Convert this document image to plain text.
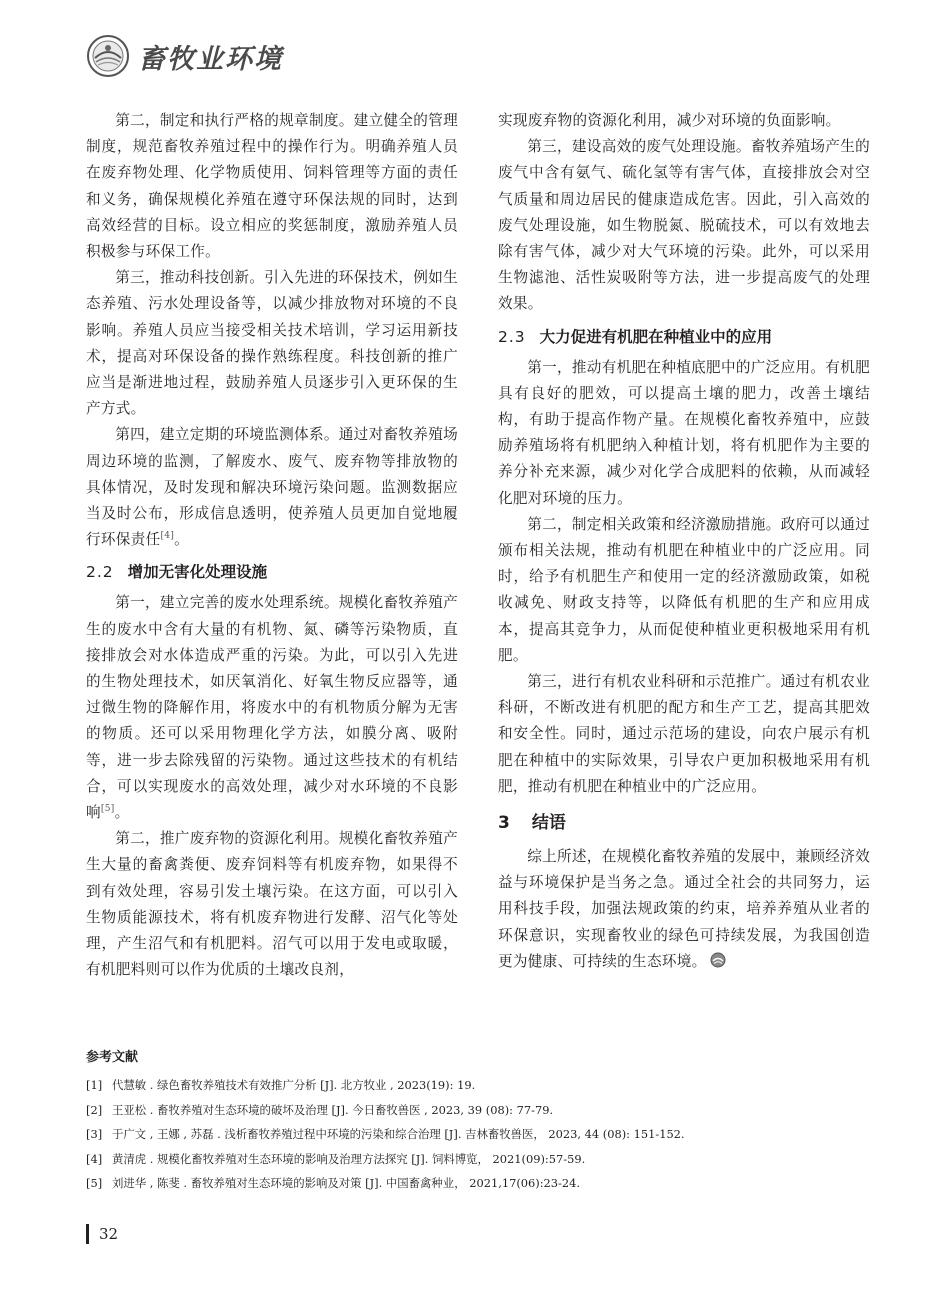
畜牧业环境

第二，制定和执行严格的规章制度。建立健全的管理制度，规范畜牧养殖过程中的操作行为。明确养殖人员在废弃物处理、化学物质使用、饲料管理等方面的责任和义务，确保规模化养殖在遵守环保法规的同时，达到高效经营的目标。设立相应的奖惩制度，激励养殖人员积极参与环保工作。

第三，推动科技创新。引入先进的环保技术，例如生态养殖、污水处理设备等，以减少排放物对环境的不良影响。养殖人员应当接受相关技术培训，学习运用新技术，提高对环保设备的操作熟练程度。科技创新的推广应当是渐进地过程，鼓励养殖人员逐步引入更环保的生产方式。

第四，建立定期的环境监测体系。通过对畜牧养殖场周边环境的监测，了解废水、废气、废弃物等排放物的具体情况，及时发现和解决环境污染问题。监测数据应当及时公布，形成信息透明，使养殖人员更加自觉地履行环保责任[4]。

2.2 增加无害化处理设施

第一，建立完善的废水处理系统。规模化畜牧养殖产生的废水中含有大量的有机物、氮、磷等污染物质，直接排放会对水体造成严重的污染。为此，可以引入先进的生物处理技术，如厌氧消化、好氧生物反应器等，通过微生物的降解作用，将废水中的有机物质分解为无害的物质。还可以采用物理化学方法，如膜分离、吸附等，进一步去除残留的污染物。通过这些技术的有机结合，可以实现废水的高效处理，减少对水环境的不良影响[5]。

第二，推广废弃物的资源化利用。规模化畜牧养殖产生大量的畜禽粪便、废弃饲料等有机废弃物，如果得不到有效处理，容易引发土壤污染。在这方面，可以引入生物质能源技术，将有机废弃物进行发酵、沼气化等处理，产生沼气和有机肥料。沼气可以用于发电或取暖，有机肥料则可以作为优质的土壤改良剂，

实现废弃物的资源化利用，减少对环境的负面影响。

第三，建设高效的废气处理设施。畜牧养殖场产生的废气中含有氨气、硫化氢等有害气体，直接排放会对空气质量和周边居民的健康造成危害。因此，引入高效的废气处理设施，如生物脱氮、脱硫技术，可以有效地去除有害气体，减少对大气环境的污染。此外，可以采用生物滤池、活性炭吸附等方法，进一步提高废气的处理效果。

2.3 大力促进有机肥在种植业中的应用

第一，推动有机肥在种植底肥中的广泛应用。有机肥具有良好的肥效，可以提高土壤的肥力，改善土壤结构，有助于提高作物产量。在规模化畜牧养殖中，应鼓励养殖场将有机肥纳入种植计划，将有机肥作为主要的养分补充来源，减少对化学合成肥料的依赖，从而减轻化肥对环境的压力。

第二，制定相关政策和经济激励措施。政府可以通过颁布相关法规，推动有机肥在种植业中的广泛应用。同时，给予有机肥生产和使用一定的经济激励政策，如税收减免、财政支持等，以降低有机肥的生产和应用成本，提高其竞争力，从而促使种植业更积极地采用有机肥。

第三，进行有机农业科研和示范推广。通过有机农业科研，不断改进有机肥的配方和生产工艺，提高其肥效和安全性。同时，通过示范场的建设，向农户展示有机肥在种植中的实际效果，引导农户更加积极地采用有机肥，推动有机肥在种植业中的广泛应用。

3 结语

综上所述，在规模化畜牧养殖的发展中，兼顾经济效益与环境保护是当务之急。通过全社会的共同努力，运用科技手段，加强法规政策的约束，培养养殖从业者的环保意识，实现畜牧业的绿色可持续发展，为我国创造更为健康、可持续的生态环境。

参考文献
[1] 代慧敏 . 绿色畜牧养殖技术有效推广分析 [J]. 北方牧业 , 2023(19): 19.
[2] 王亚松 . 畜牧养殖对生态环境的破坏及治理 [J]. 今日畜牧兽医 , 2023, 39 (08): 77-79.
[3] 于广文 , 王娜 , 苏磊 . 浅析畜牧养殖过程中环境的污染和综合治理 [J]. 吉林畜牧兽医， 2023, 44 (08): 151-152.
[4] 黄清虎 . 规模化畜牧养殖对生态环境的影响及治理方法探究 [J]. 饲料博览， 2021(09):57-59.
[5] 刘进华 , 陈斐 . 畜牧养殖对生态环境的影响及对策 [J]. 中国畜禽种业， 2021,17(06):23-24.
32
